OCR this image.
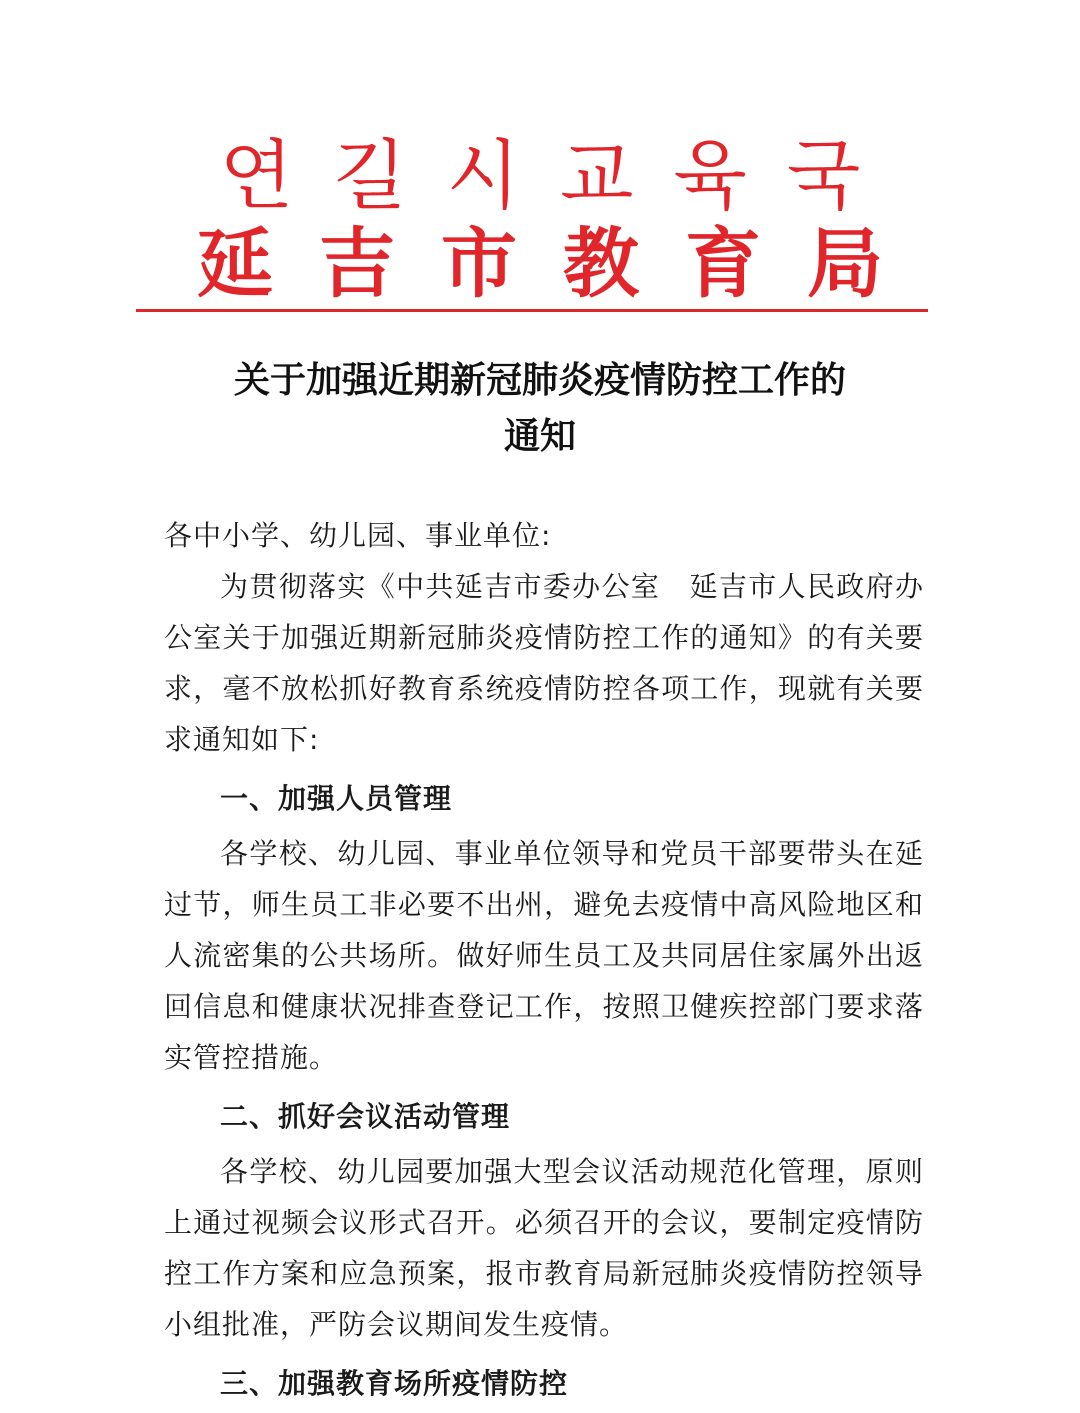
연길시교육국
延吉市教育局
关于加强近期新冠肺炎疫情防控工作的
通知

各中小学、幼儿园、事业单位:

为贯彻落实《中共延吉市委办公室　延吉市人民政府办公室关于加强近期新冠肺炎疫情防控工作的通知》的有关要求，毫不放松抓好教育系统疫情防控各项工作，现就有关要求通知如下:

一、加强人员管理

各学校、幼儿园、事业单位领导和党员干部要带头在延过节，师生员工非必要不出州，避免去疫情中高风险地区和人流密集的公共场所。做好师生员工及共同居住家属外出返回信息和健康状况排查登记工作，按照卫健疾控部门要求落实管控措施。

二、抓好会议活动管理

各学校、幼儿园要加强大型会议活动规范化管理，原则上通过视频会议形式召开。必须召开的会议，要制定疫情防控工作方案和应急预案，报市教育局新冠肺炎疫情防控领导小组批准，严防会议期间发生疫情。

三、加强教育场所疫情防控
